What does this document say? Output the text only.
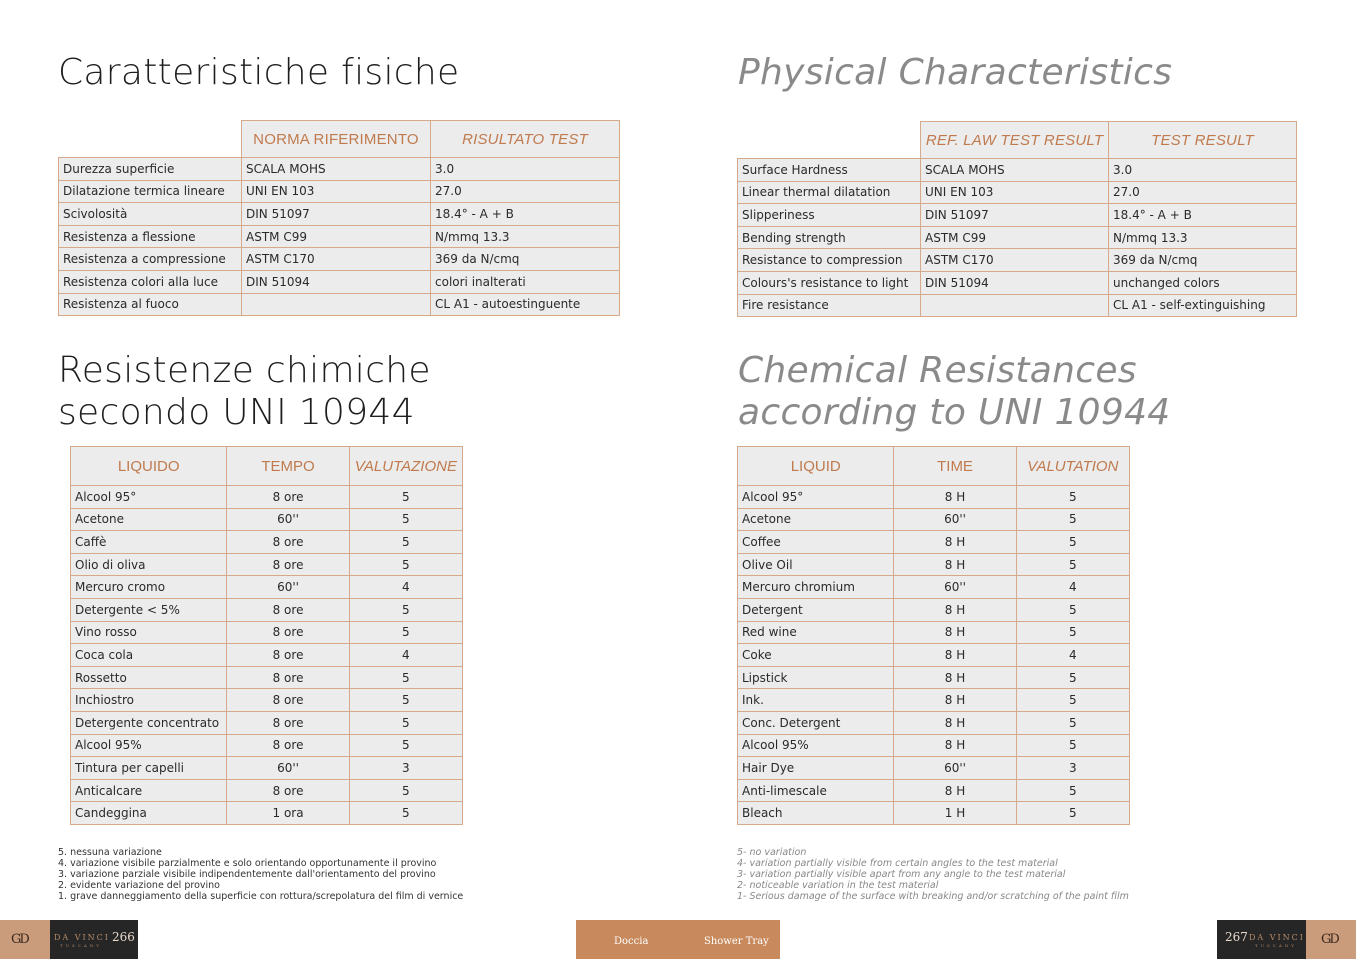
Caratteristiche fisiche
	NORMA RIFERIMENTO	RISULTATO TEST
Durezza superficie	SCALA MOHS	3.0
Dilatazione termica lineare	UNI EN 103	27.0
Scivolosità	DIN 51097	18.4° - A + B
Resistenza a flessione	ASTM C99	N/mmq 13.3
Resistenza a compressione	ASTM C170	369 da N/cmq
Resistenza colori alla luce	DIN 51094	colori inalterati
Resistenza al fuoco		CL A1 - autoestinguente
Resistenze chimiche
secondo UNI 10944
LIQUIDO	TEMPO	VALUTAZIONE
Alcool 95°	8 ore	5
Acetone	60''	5
Caffè	8 ore	5
Olio di oliva	8 ore	5
Mercuro cromo	60''	4
Detergente < 5%	8 ore	5
Vino rosso	8 ore	5
Coca cola	8 ore	4
Rossetto	8 ore	5
Inchiostro	8 ore	5
Detergente concentrato	8 ore	5
Alcool 95%	8 ore	5
Tintura per capelli	60''	3
Anticalcare	8 ore	5
Candeggina	1 ora	5
5. nessuna variazione
4. variazione visibile parzialmente e solo orientando opportunamente il provino
3. variazione parziale visibile indipendentemente dall'orientamento del provino
2. evidente variazione del provino
1. grave danneggiamento della superficie con rottura/screpolatura del film di vernice
Physical Characteristics
	REF. LAW TEST RESULT	TEST RESULT
Surface Hardness	SCALA MOHS	3.0
Linear thermal dilatation	UNI EN 103	27.0
Slipperiness	DIN 51097	18.4° - A + B
Bending strength	ASTM C99	N/mmq 13.3
Resistance to compression	ASTM C170	369 da N/cmq
Colours's resistance to light	DIN 51094	unchanged colors
Fire resistance		CL A1 - self-extinguishing
Chemical Resistances
according to UNI 10944
LIQUID	TIME	VALUTATION
Alcool 95°	8 H	5
Acetone	60''	5
Coffee	8 H	5
Olive Oil	8 H	5
Mercuro chromium	60''	4
Detergent	8 H	5
Red wine	8 H	5
Coke	8 H	4
Lipstick	8 H	5
Ink.	8 H	5
Conc. Detergent	8 H	5
Alcool 95%	8 H	5
Hair Dye	60''	3
Anti-limescale	8 H	5
Bleach	1 H	5
5- no variation
4- variation partially visible from certain angles to the test material
3- variation partially visible apart from any angle to the test material
2- noticeable variation in the test material
1- Serious damage of the surface with breaking and/or scratching of the paint film
GD	DA VINCI
TUSCANY
266	Doccia	Shower Tray	267 DA VINCI
TUSCANY GD
